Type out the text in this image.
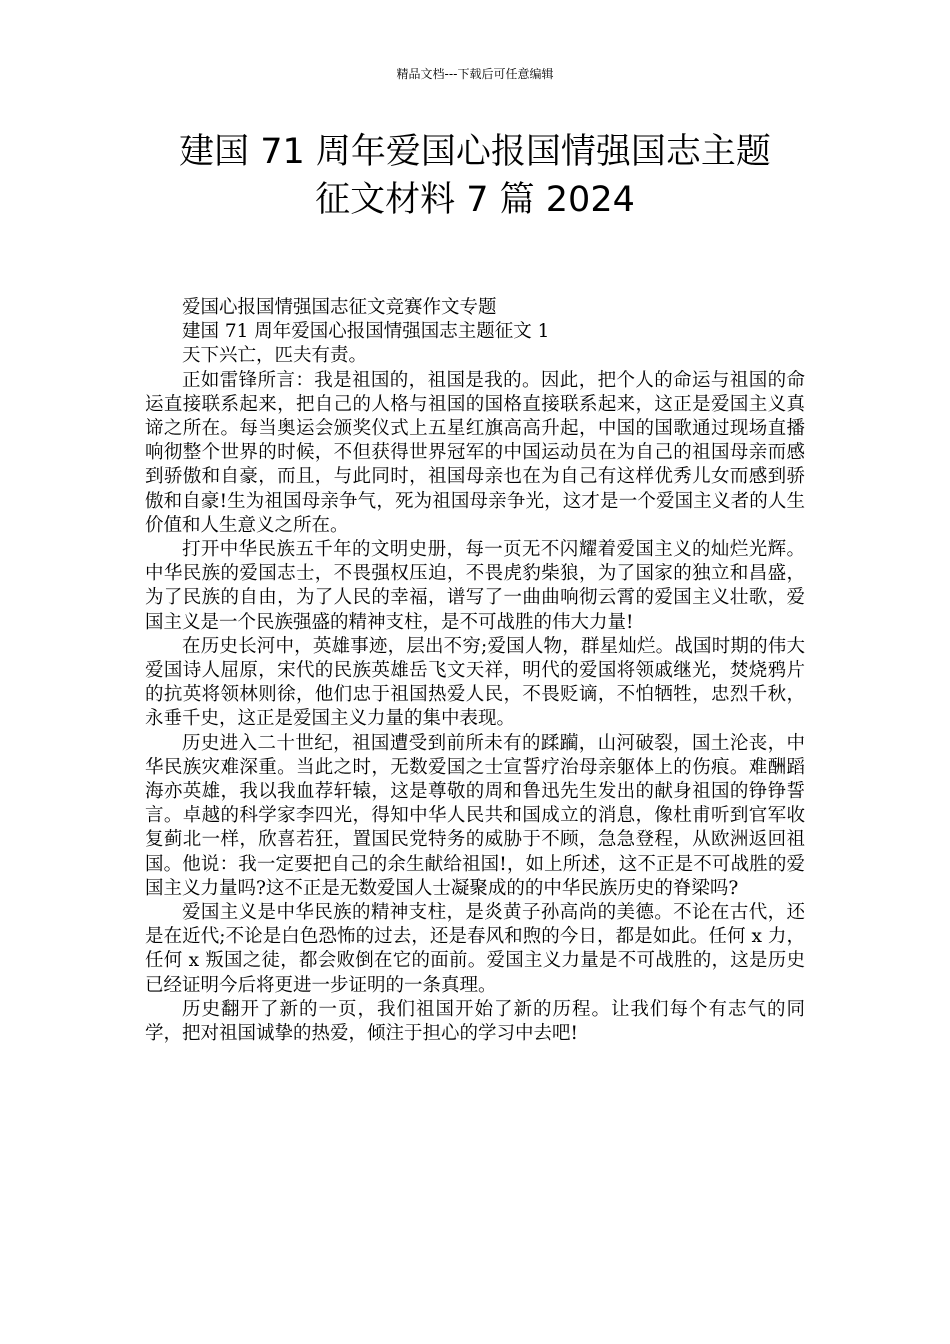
精品文档---下载后可任意编辑
建国 71 周年爱国心报国情强国志主题
征文材料 7 篇 2024

爱国心报国情强国志征文竞赛作文专题

建国 71 周年爱国心报国情强国志主题征文 1

天下兴亡，匹夫有责。

正如雷锋所言：我是祖国的，祖国是我的。因此，把个人的命运与祖国的命运直接联系起来，把自己的人格与祖国的国格直接联系起来，这正是爱国主义真谛之所在。每当奥运会颁奖仪式上五星红旗高高升起，中国的国歌通过现场直播响彻整个世界的时候，不但获得世界冠军的中国运动员在为自己的祖国母亲而感到骄傲和自豪，而且，与此同时，祖国母亲也在为自己有这样优秀儿女而感到骄傲和自豪!生为祖国母亲争气，死为祖国母亲争光，这才是一个爱国主义者的人生价值和人生意义之所在。

打开中华民族五千年的文明史册，每一页无不闪耀着爱国主义的灿烂光辉。中华民族的爱国志士，不畏强权压迫，不畏虎豹柴狼，为了国家的独立和昌盛，为了民族的自由，为了人民的幸福，谱写了一曲曲响彻云霄的爱国主义壮歌，爱国主义是一个民族强盛的精神支柱，是不可战胜的伟大力量!

在历史长河中，英雄事迹，层出不穷;爱国人物，群星灿烂。战国时期的伟大爱国诗人屈原，宋代的民族英雄岳飞文天祥，明代的爱国将领戚继光，焚烧鸦片的抗英将领林则徐，他们忠于祖国热爱人民，不畏贬谪，不怕牺牲，忠烈千秋，永垂千史，这正是爱国主义力量的集中表现。

历史进入二十世纪，祖国遭受到前所未有的蹂躏，山河破裂，国土沦丧，中华民族灾难深重。当此之时，无数爱国之士宣誓疗治母亲躯体上的伤痕。难酬蹈海亦英雄，我以我血荐轩辕，这是尊敬的周和鲁迅先生发出的献身祖国的铮铮誓言。卓越的科学家李四光，得知中华人民共和国成立的消息，像杜甫听到官军收复蓟北一样，欣喜若狂，置国民党特务的威胁于不顾，急急登程，从欧洲返回祖国。他说：我一定要把自己的余生献给祖国!，如上所述，这不正是不可战胜的爱国主义力量吗?这不正是无数爱国人士凝聚成的的中华民族历史的脊梁吗?

爱国主义是中华民族的精神支柱，是炎黄子孙高尚的美德。不论在古代，还是在近代;不论是白色恐怖的过去，还是春风和煦的今日，都是如此。任何 x 力，任何 x 叛国之徒，都会败倒在它的面前。爱国主义力量是不可战胜的，这是历史已经证明今后将更进一步证明的一条真理。

历史翻开了新的一页，我们祖国开始了新的历程。让我们每个有志气的同学，把对祖国诚挚的热爱，倾注于担心的学习中去吧!
